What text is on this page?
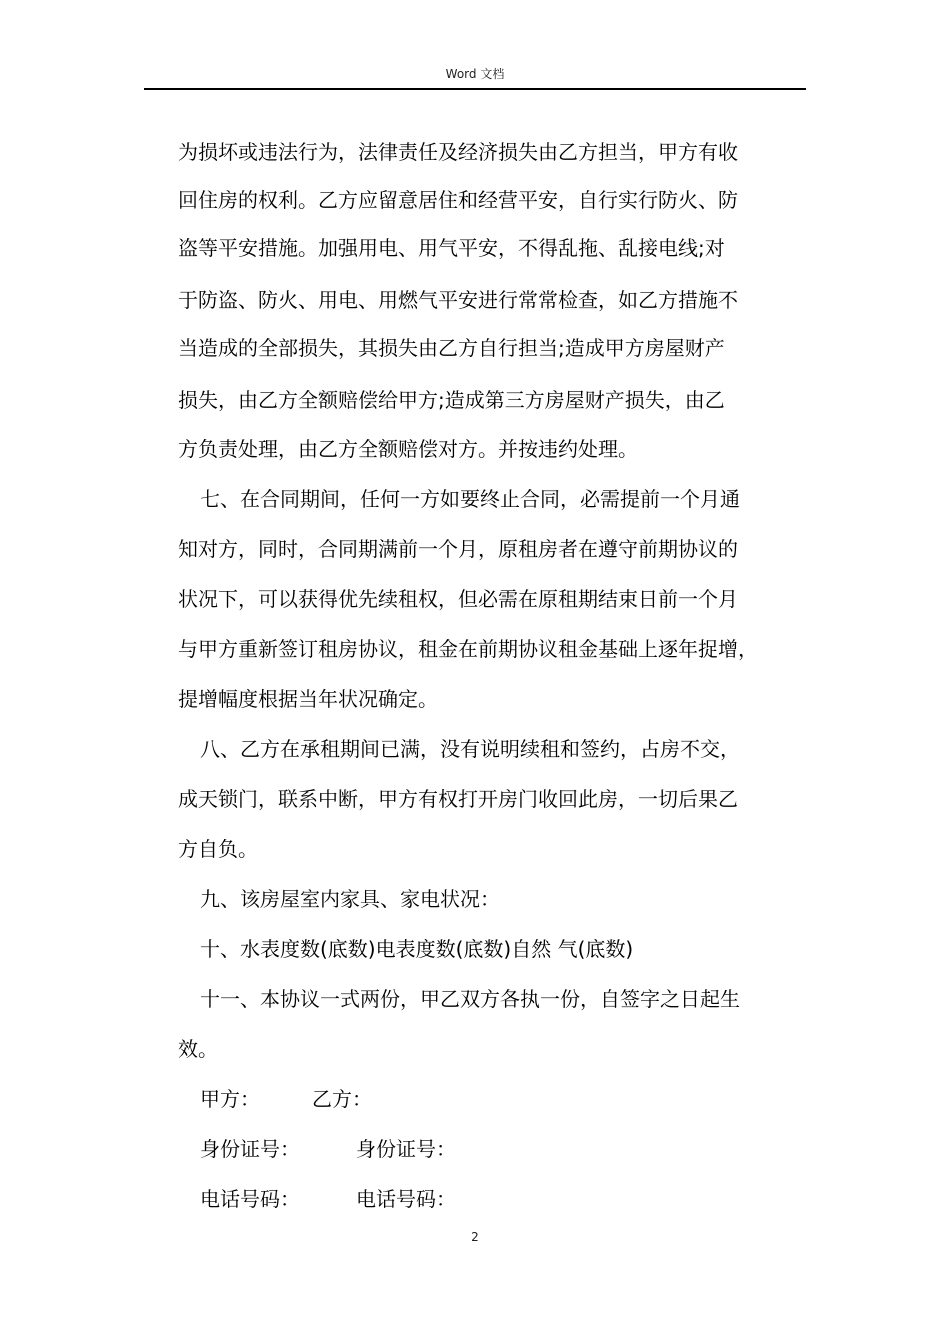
Word 文档
为损坏或违法行为，法律责任及经济损失由乙方担当，甲方有收
回住房的权利。乙方应留意居住和经营平安，自行实行防火、防
盗等平安措施。加强用电、用气平安，不得乱拖、乱接电线;对
于防盗、防火、用电、用燃气平安进行常常检查，如乙方措施不
当造成的全部损失，其损失由乙方自行担当;造成甲方房屋财产
损失，由乙方全额赔偿给甲方;造成第三方房屋财产损失，由乙
方负责处理，由乙方全额赔偿对方。并按违约处理。
七、在合同期间，任何一方如要终止合同，必需提前一个月通
知对方，同时，合同期满前一个月，原租房者在遵守前期协议的
状况下，可以获得优先续租权，但必需在原租期结束日前一个月
与甲方重新签订租房协议，租金在前期协议租金基础上逐年捉增，
提增幅度根据当年状况确定。
八、乙方在承租期间已满，没有说明续租和签约，占房不交，
成天锁门，联系中断，甲方有权打开房门收回此房，一切后果乙
方自负。
九、该房屋室内家具、家电状况：
十、水表度数(底数)电表度数(底数)自然 气(底数)
十一、本协议一式两份，甲乙双方各执一份，自签字之日起生
效。
甲方：	乙方：
身份证号：	身份证号：
电话号码：	电话号码：
2
